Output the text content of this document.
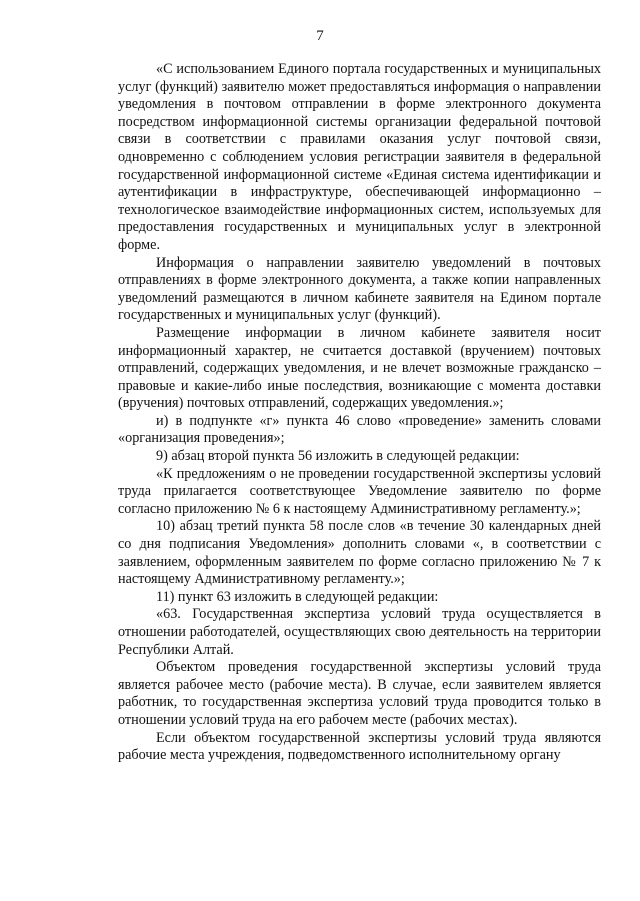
7

«С использованием Единого портала государственных и муниципальных услуг (функций) заявителю может предоставляться информация о направлении уведомления в почтовом отправлении в форме электронного документа посредством информационной системы организации федеральной почтовой связи в соответствии с правилами оказания услуг почтовой связи, одновременно с соблюдением условия регистрации заявителя в федеральной государственной информационной системе «Единая система идентификации и аутентификации в инфраструктуре, обеспечивающей информационно – технологическое взаимодействие информационных систем, используемых для предоставления государственных и муниципальных услуг в электронной форме.

Информация о направлении заявителю уведомлений в почтовых отправлениях в форме электронного документа, а также копии направленных уведомлений размещаются в личном кабинете заявителя на Едином портале государственных и муниципальных услуг (функций).

Размещение информации в личном кабинете заявителя носит информационный характер, не считается доставкой (вручением) почтовых отправлений, содержащих уведомления, и не влечет возможные гражданско – правовые и какие-либо иные последствия, возникающие с момента доставки (вручения) почтовых отправлений, содержащих уведомления.»;

и) в подпункте «г» пункта 46 слово «проведение» заменить словами «организация проведения»;

9) абзац второй пункта 56 изложить в следующей редакции:

«К предложениям о не проведении государственной экспертизы условий труда прилагается соответствующее Уведомление заявителю по форме согласно приложению № 6 к настоящему Административному регламенту.»;

10) абзац третий пункта 58 после слов «в течение 30 календарных дней со дня подписания Уведомления» дополнить словами «, в соответствии с заявлением, оформленным заявителем по форме согласно приложению № 7 к настоящему Административному регламенту.»;

11) пункт 63 изложить в следующей редакции:

«63. Государственная экспертиза условий труда осуществляется в отношении работодателей, осуществляющих свою деятельность на территории Республики Алтай.

Объектом проведения государственной экспертизы условий труда является рабочее место (рабочие места). В случае, если заявителем является работник, то государственная экспертиза условий труда проводится только в отношении условий труда на его рабочем месте (рабочих местах).

Если объектом государственной экспертизы условий труда являются рабочие места учреждения, подведомственного исполнительному органу
